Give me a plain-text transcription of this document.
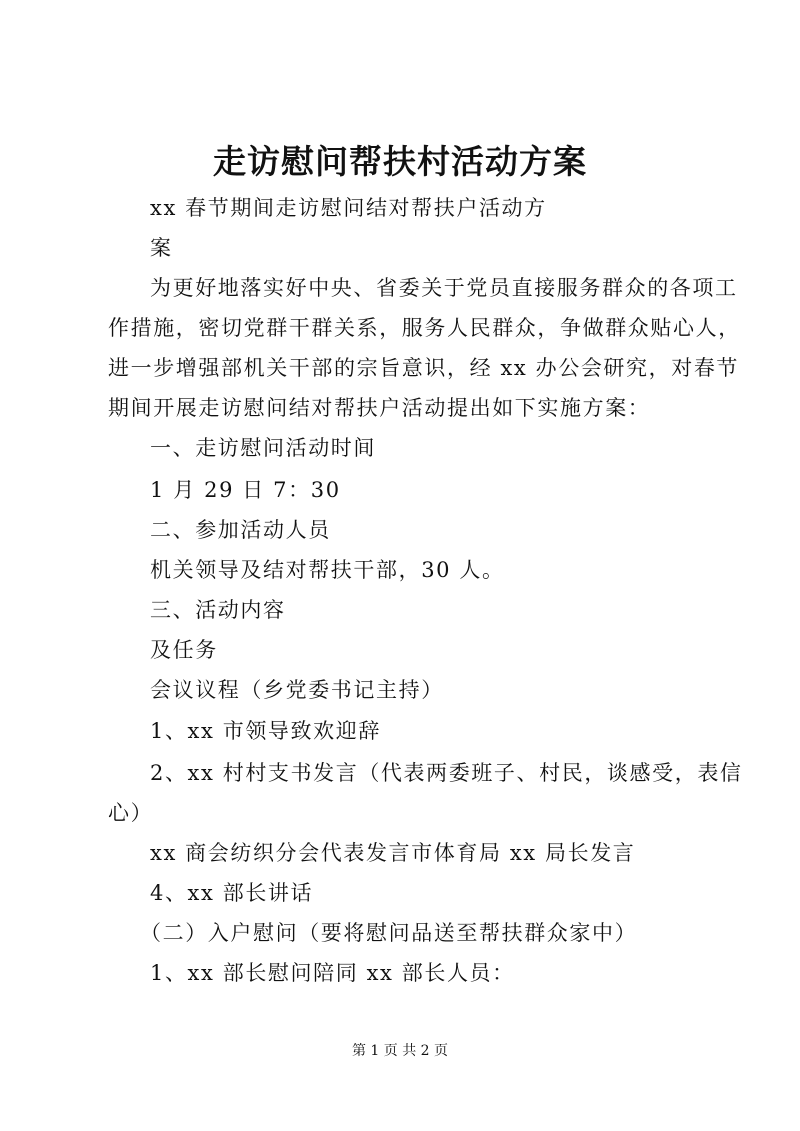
走访慰问帮扶村活动方案
xx 春节期间走访慰问结对帮扶户活动方
案
为更好地落实好中央、省委关于党员直接服务群众的各项工
作措施，密切党群干群关系，服务人民群众，争做群众贴心人，
进一步增强部机关干部的宗旨意识，经 xx 办公会研究，对春节
期间开展走访慰问结对帮扶户活动提出如下实施方案：
一、走访慰问活动时间
1 月 29 日 7：30
二、参加活动人员
机关领导及结对帮扶干部，30 人。
三、活动内容
及任务
会议议程（乡党委书记主持）
1、xx 市领导致欢迎辞
2、xx 村村支书发言（代表两委班子、村民，谈感受，表信
心）
xx 商会纺织分会代表发言市体育局 xx 局长发言
4、xx 部长讲话
（二）入户慰问（要将慰问品送至帮扶群众家中）
1、xx 部长慰问陪同 xx 部长人员：
第 1 页 共 2 页
